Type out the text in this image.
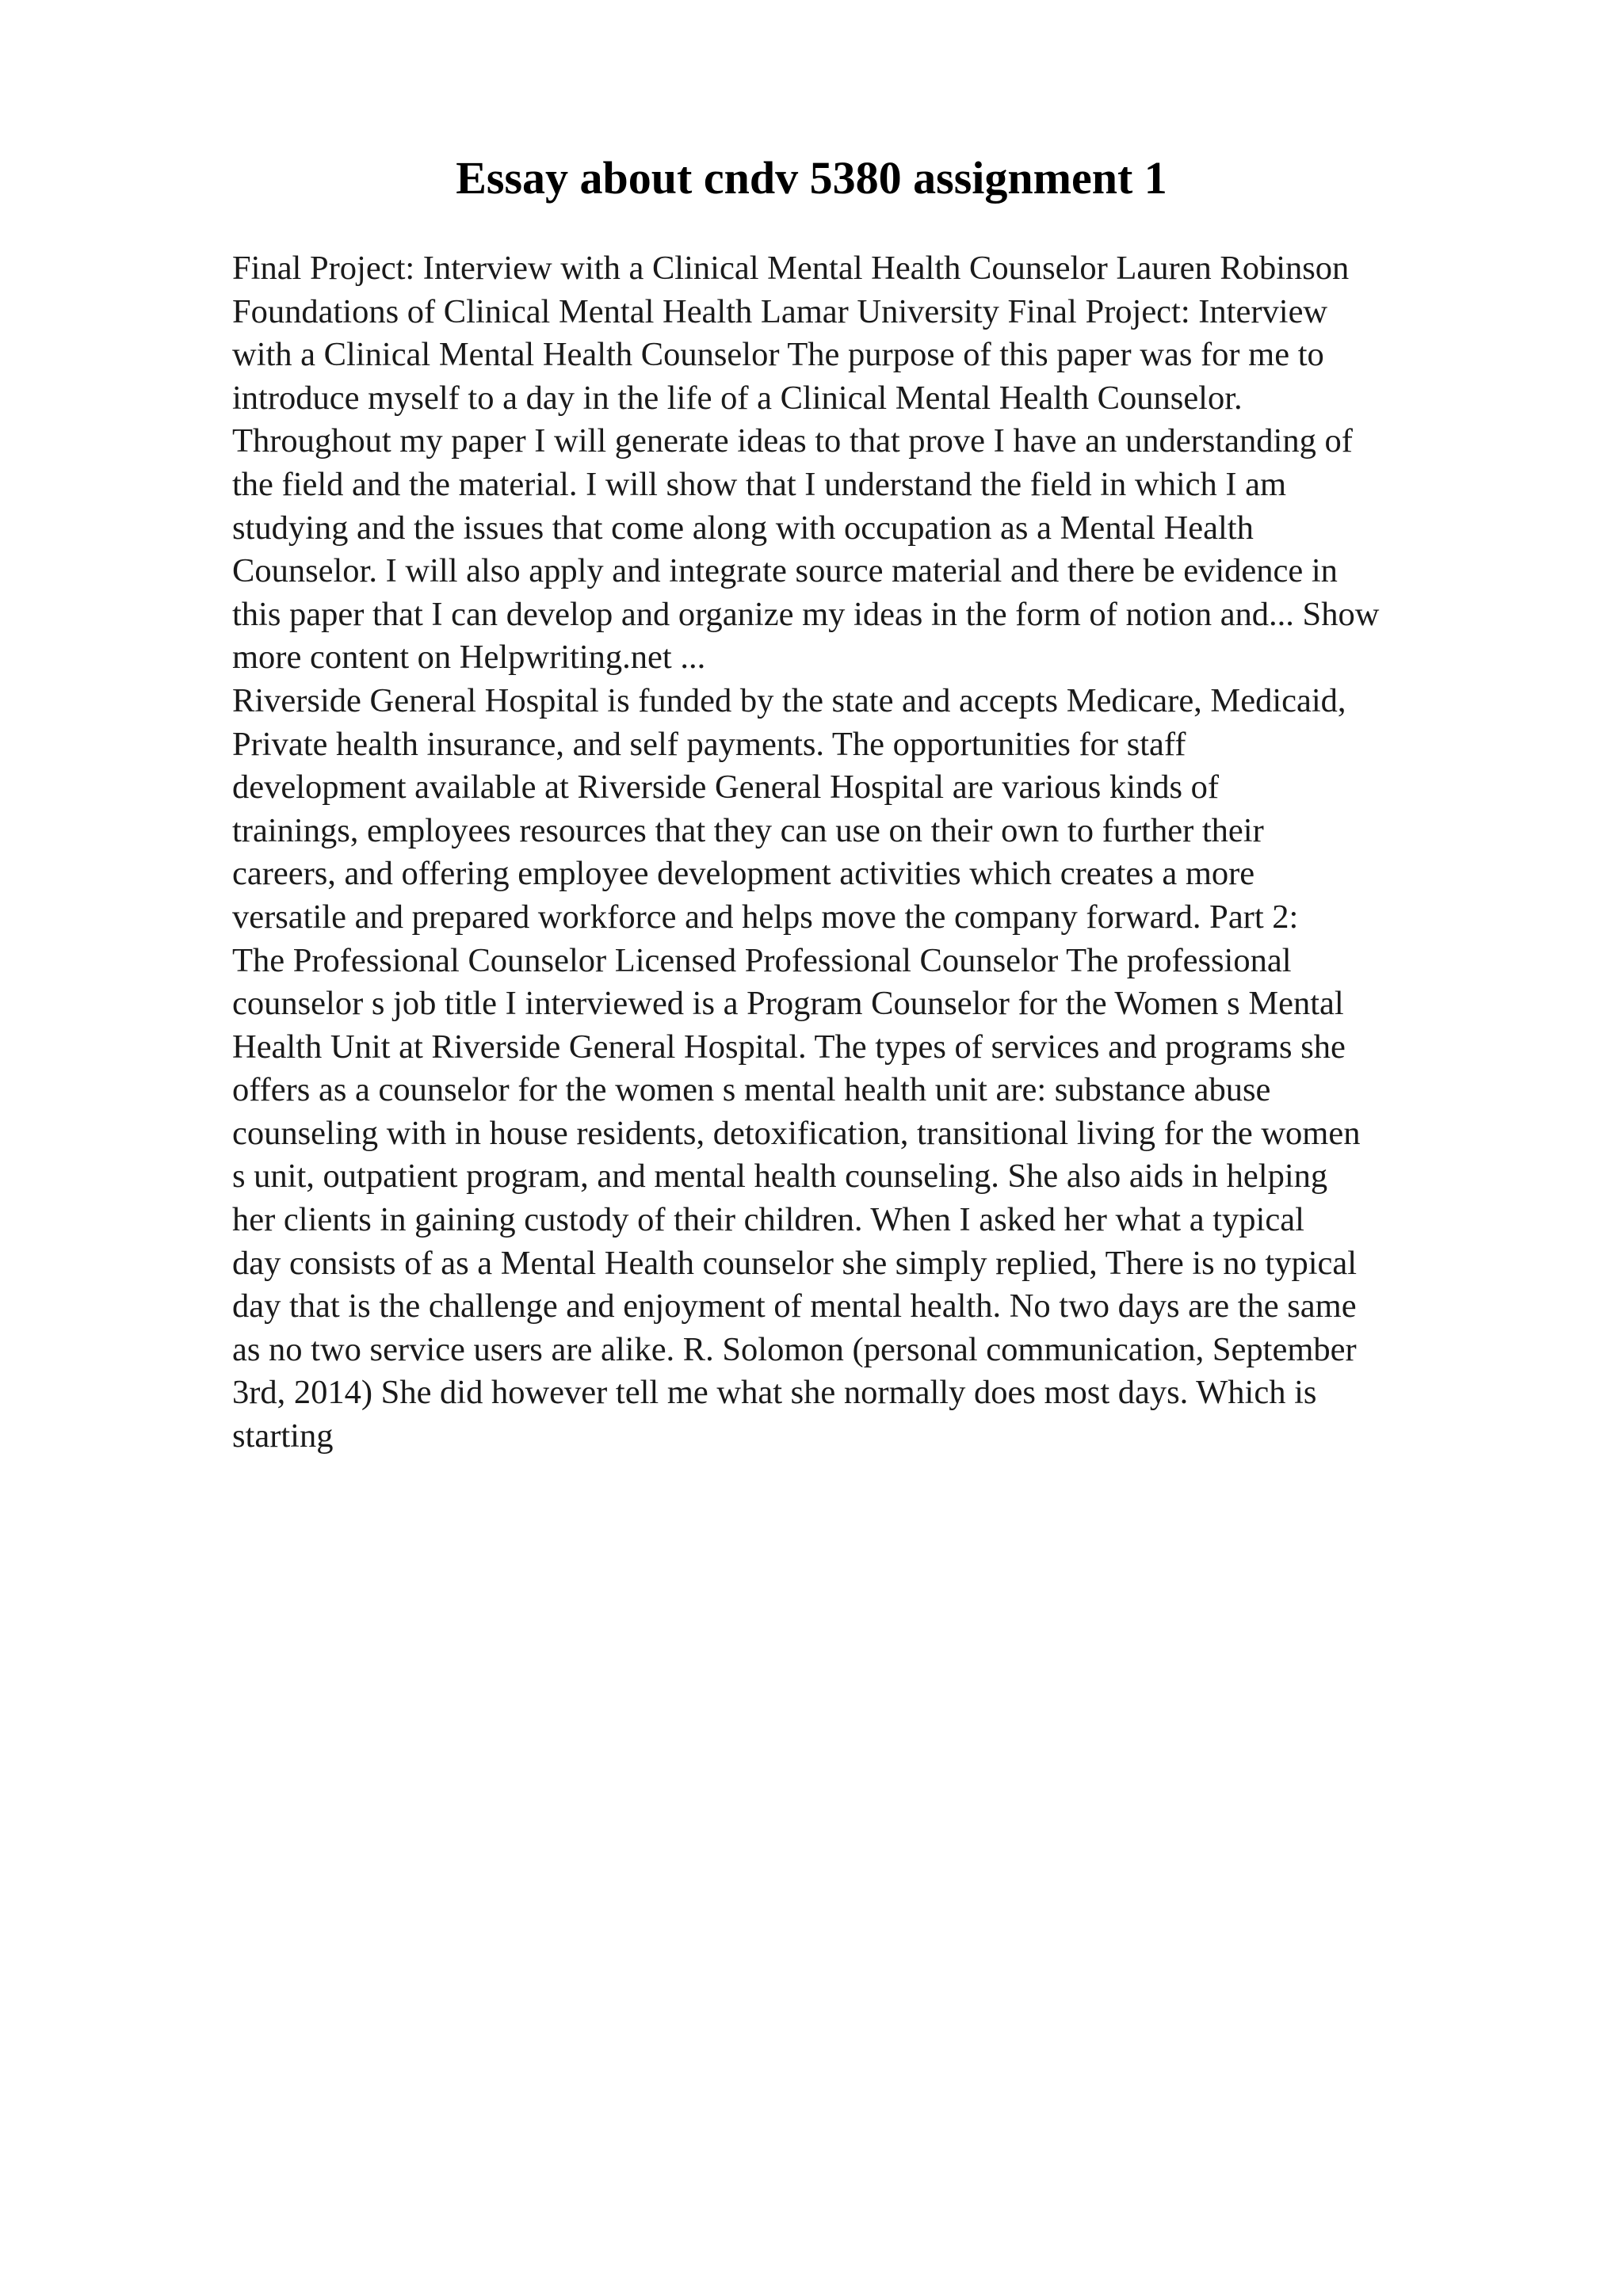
Essay about cndv 5380 assignment 1
Final Project: Interview with a Clinical Mental Health Counselor Lauren Robinson
Foundations of Clinical Mental Health Lamar University Final Project: Interview
with a Clinical Mental Health Counselor The purpose of this paper was for me to
introduce myself to a day in the life of a Clinical Mental Health Counselor.
Throughout my paper I will generate ideas to that prove I have an understanding of
the field and the material. I will show that I understand the field in which I am
studying and the issues that come along with occupation as a Mental Health
Counselor. I will also apply and integrate source material and there be evidence in
this paper that I can develop and organize my ideas in the form of notion and... Show
more content on Helpwriting.net ...
Riverside General Hospital is funded by the state and accepts Medicare, Medicaid,
Private health insurance, and self payments. The opportunities for staff
development available at Riverside General Hospital are various kinds of
trainings, employees resources that they can use on their own to further their
careers, and offering employee development activities which creates a more
versatile and prepared workforce and helps move the company forward. Part 2:
The Professional Counselor Licensed Professional Counselor The professional
counselor s job title I interviewed is a Program Counselor for the Women s Mental
Health Unit at Riverside General Hospital. The types of services and programs she
offers as a counselor for the women s mental health unit are: substance abuse
counseling with in house residents, detoxification, transitional living for the women
s unit, outpatient program, and mental health counseling. She also aids in helping
her clients in gaining custody of their children. When I asked her what a typical
day consists of as a Mental Health counselor she simply replied, There is no typical
day that is the challenge and enjoyment of mental health. No two days are the same
as no two service users are alike. R. Solomon (personal communication, September
3rd, 2014) She did however tell me what she normally does most days. Which is
starting
